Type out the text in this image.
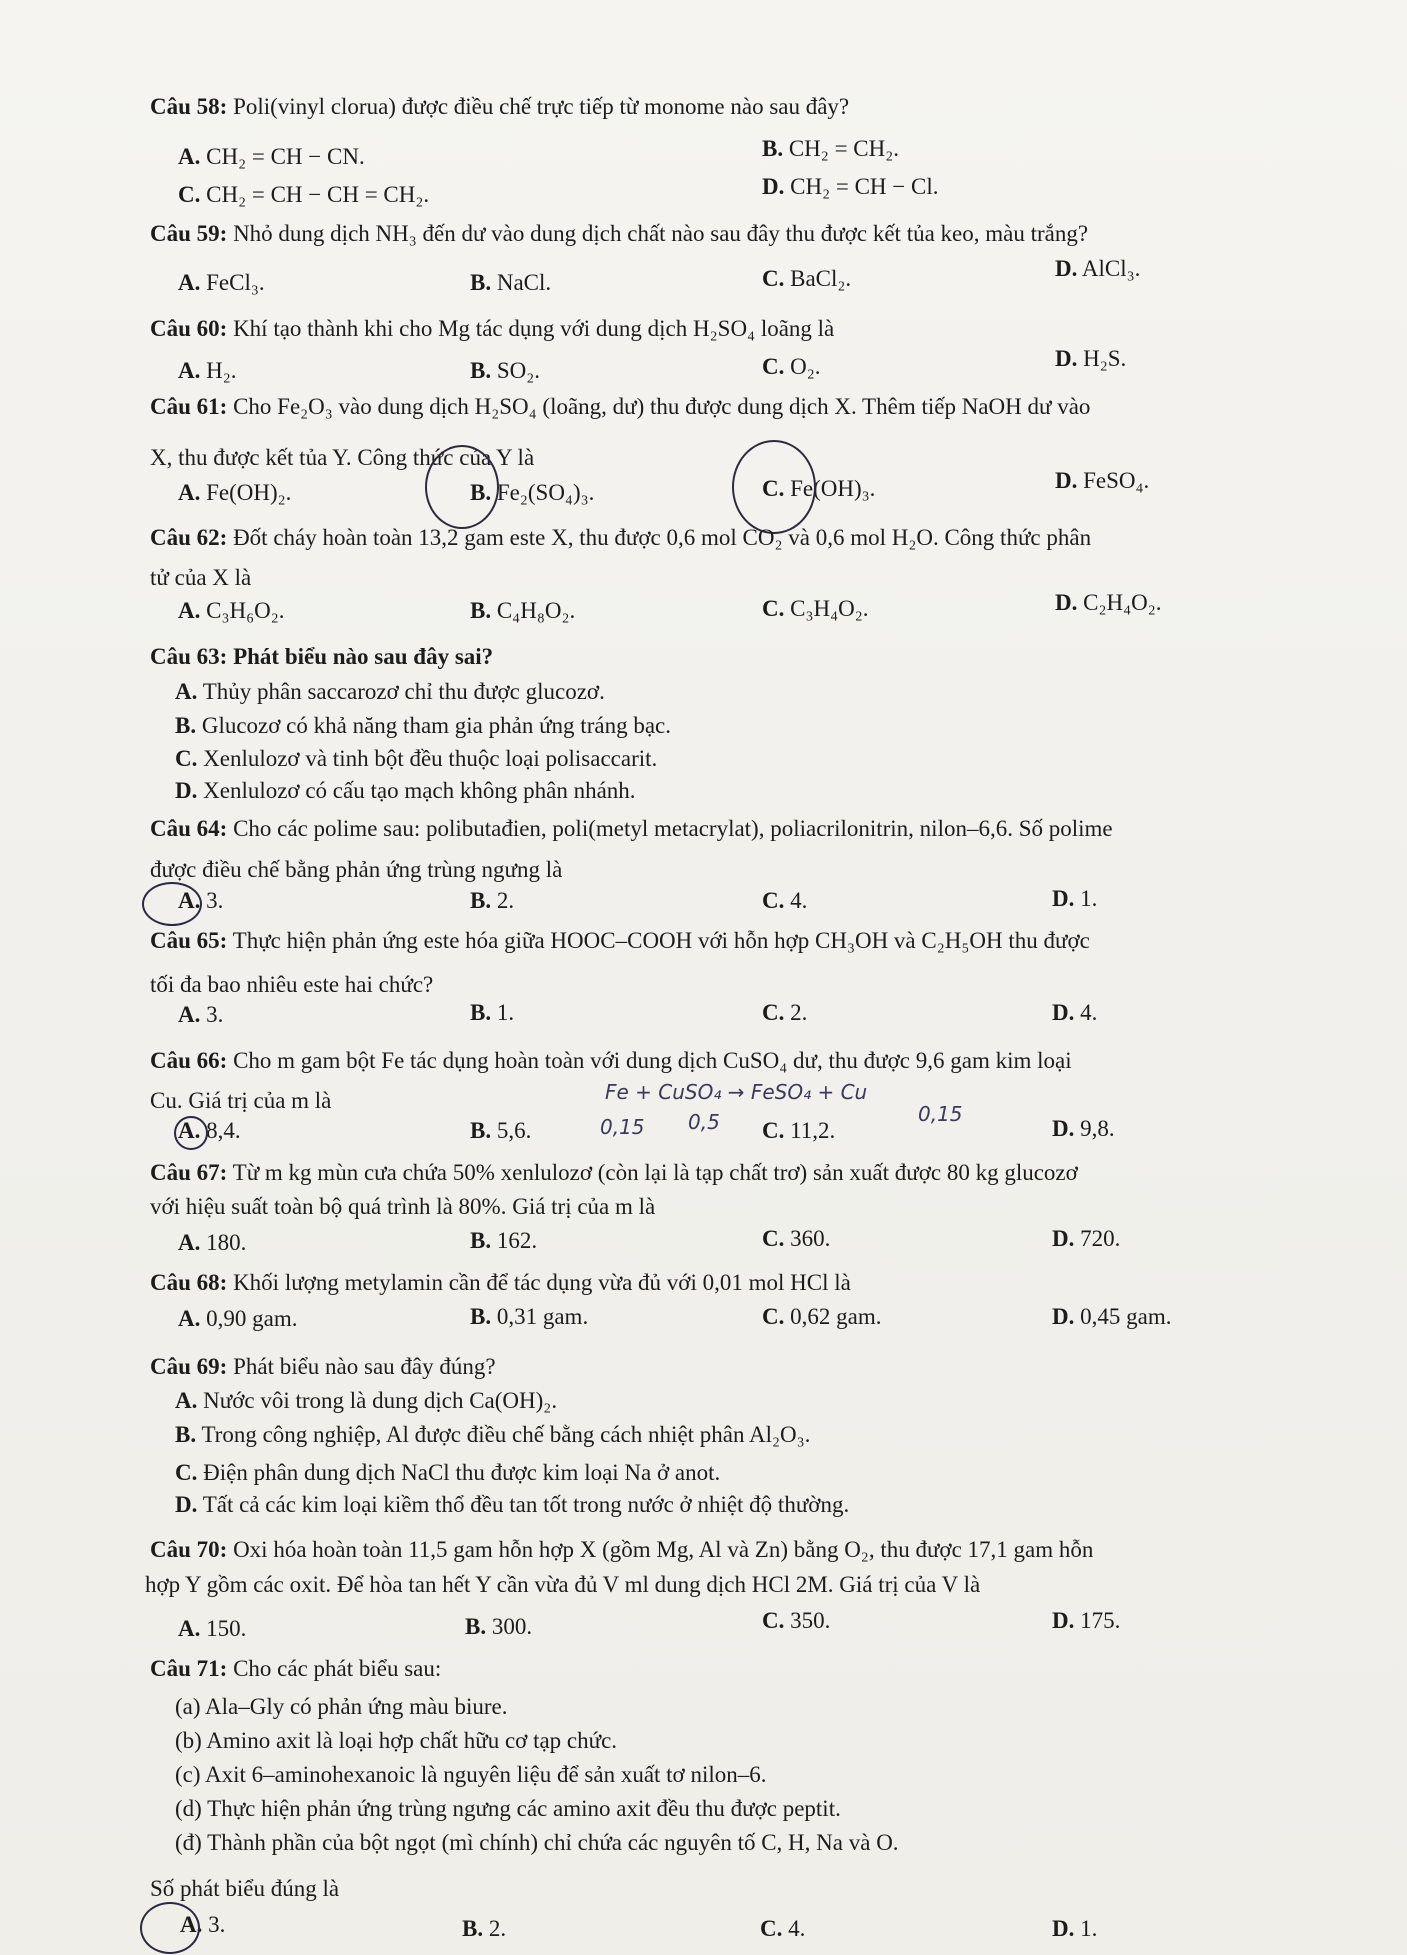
Câu 58: Poli(vinyl clorua) được điều chế trực tiếp từ monome nào sau đây?
A. CH₂ = CH − CN.	B. CH₂ = CH₂.
C. CH₂ = CH − CH = CH₂.	D. CH₂ = CH − Cl.
Câu 59: Nhỏ dung dịch NH₃ đến dư vào dung dịch chất nào sau đây thu được kết tủa keo, màu trắng?
A. FeCl₃.	B. NaCl.	C. BaCl₂.	D. AlCl₃.
Câu 60: Khí tạo thành khi cho Mg tác dụng với dung dịch H₂SO₄ loãng là
A. H₂.	B. SO₂.	C. O₂.	D. H₂S.
Câu 61: Cho Fe₂O₃ vào dung dịch H₂SO₄ (loãng, dư) thu được dung dịch X. Thêm tiếp NaOH dư vào
X, thu được kết tủa Y. Công thức của Y là
A. Fe(OH)₂.	B. Fe₂(SO₄)₃.	C. Fe(OH)₃.	D. FeSO₄.
Câu 62: Đốt cháy hoàn toàn 13,2 gam este X, thu được 0,6 mol CO₂ và 0,6 mol H₂O. Công thức phân
tử của X là
A. C₃H₆O₂.	B. C₄H₈O₂.	C. C₃H₄O₂.	D. C₂H₄O₂.
Câu 63: Phát biểu nào sau đây sai?
A. Thủy phân saccarozơ chỉ thu được glucozơ.
B. Glucozơ có khả năng tham gia phản ứng tráng bạc.
C. Xenlulozơ và tinh bột đều thuộc loại polisaccarit.
D. Xenlulozơ có cấu tạo mạch không phân nhánh.
Câu 64: Cho các polime sau: polibutađien, poli(metyl metacrylat), poliacrilonitrin, nilon–6,6. Số polime
được điều chế bằng phản ứng trùng ngưng là
A. 3.	B. 2.	C. 4.	D. 1.
Câu 65: Thực hiện phản ứng este hóa giữa HOOC–COOH với hỗn hợp CH₃OH và C₂H₅OH thu được
tối đa bao nhiêu este hai chức?
A. 3.	B. 1.	C. 2.	D. 4.
Câu 66: Cho m gam bột Fe tác dụng hoàn toàn với dung dịch CuSO₄ dư, thu được 9,6 gam kim loại
Cu. Giá trị của m là	Fe + CuSO₄ → FeSO₄ + Cu
A. 8,4.	B. 5,6.	0,15 0,5 C. 11,2.
0,15
D. 9,8.
Câu 67: Từ m kg mùn cưa chứa 50% xenlulozơ (còn lại là tạp chất trơ) sản xuất được 80 kg glucozơ
với hiệu suất toàn bộ quá trình là 80%. Giá trị của m là
A. 180.	B. 162.	C. 360.	D. 720.
Câu 68: Khối lượng metylamin cần để tác dụng vừa đủ với 0,01 mol HCl là
A. 0,90 gam.	B. 0,31 gam.	C. 0,62 gam.	D. 0,45 gam.
Câu 69: Phát biểu nào sau đây đúng?
A. Nước vôi trong là dung dịch Ca(OH)₂.
B. Trong công nghiệp, Al được điều chế bằng cách nhiệt phân Al₂O₃.
C. Điện phân dung dịch NaCl thu được kim loại Na ở anot.
D. Tất cả các kim loại kiềm thổ đều tan tốt trong nước ở nhiệt độ thường.
Câu 70: Oxi hóa hoàn toàn 11,5 gam hỗn hợp X (gồm Mg, Al và Zn) bằng O₂, thu được 17,1 gam hỗn
hợp Y gồm các oxit. Để hòa tan hết Y cần vừa đủ V ml dung dịch HCl 2M. Giá trị của V là
A. 150.	B. 300.	C. 350.	D. 175.
Câu 71: Cho các phát biểu sau:
(a) Ala–Gly có phản ứng màu biure.
(b) Amino axit là loại hợp chất hữu cơ tạp chức.
(c) Axit 6–aminohexanoic là nguyên liệu để sản xuất tơ nilon–6.
(d) Thực hiện phản ứng trùng ngưng các amino axit đều thu được peptit.
(đ) Thành phần của bột ngọt (mì chính) chỉ chứa các nguyên tố C, H, Na và O.
Số phát biểu đúng là
A. 3.	B. 2.	C. 4.	D. 1.
